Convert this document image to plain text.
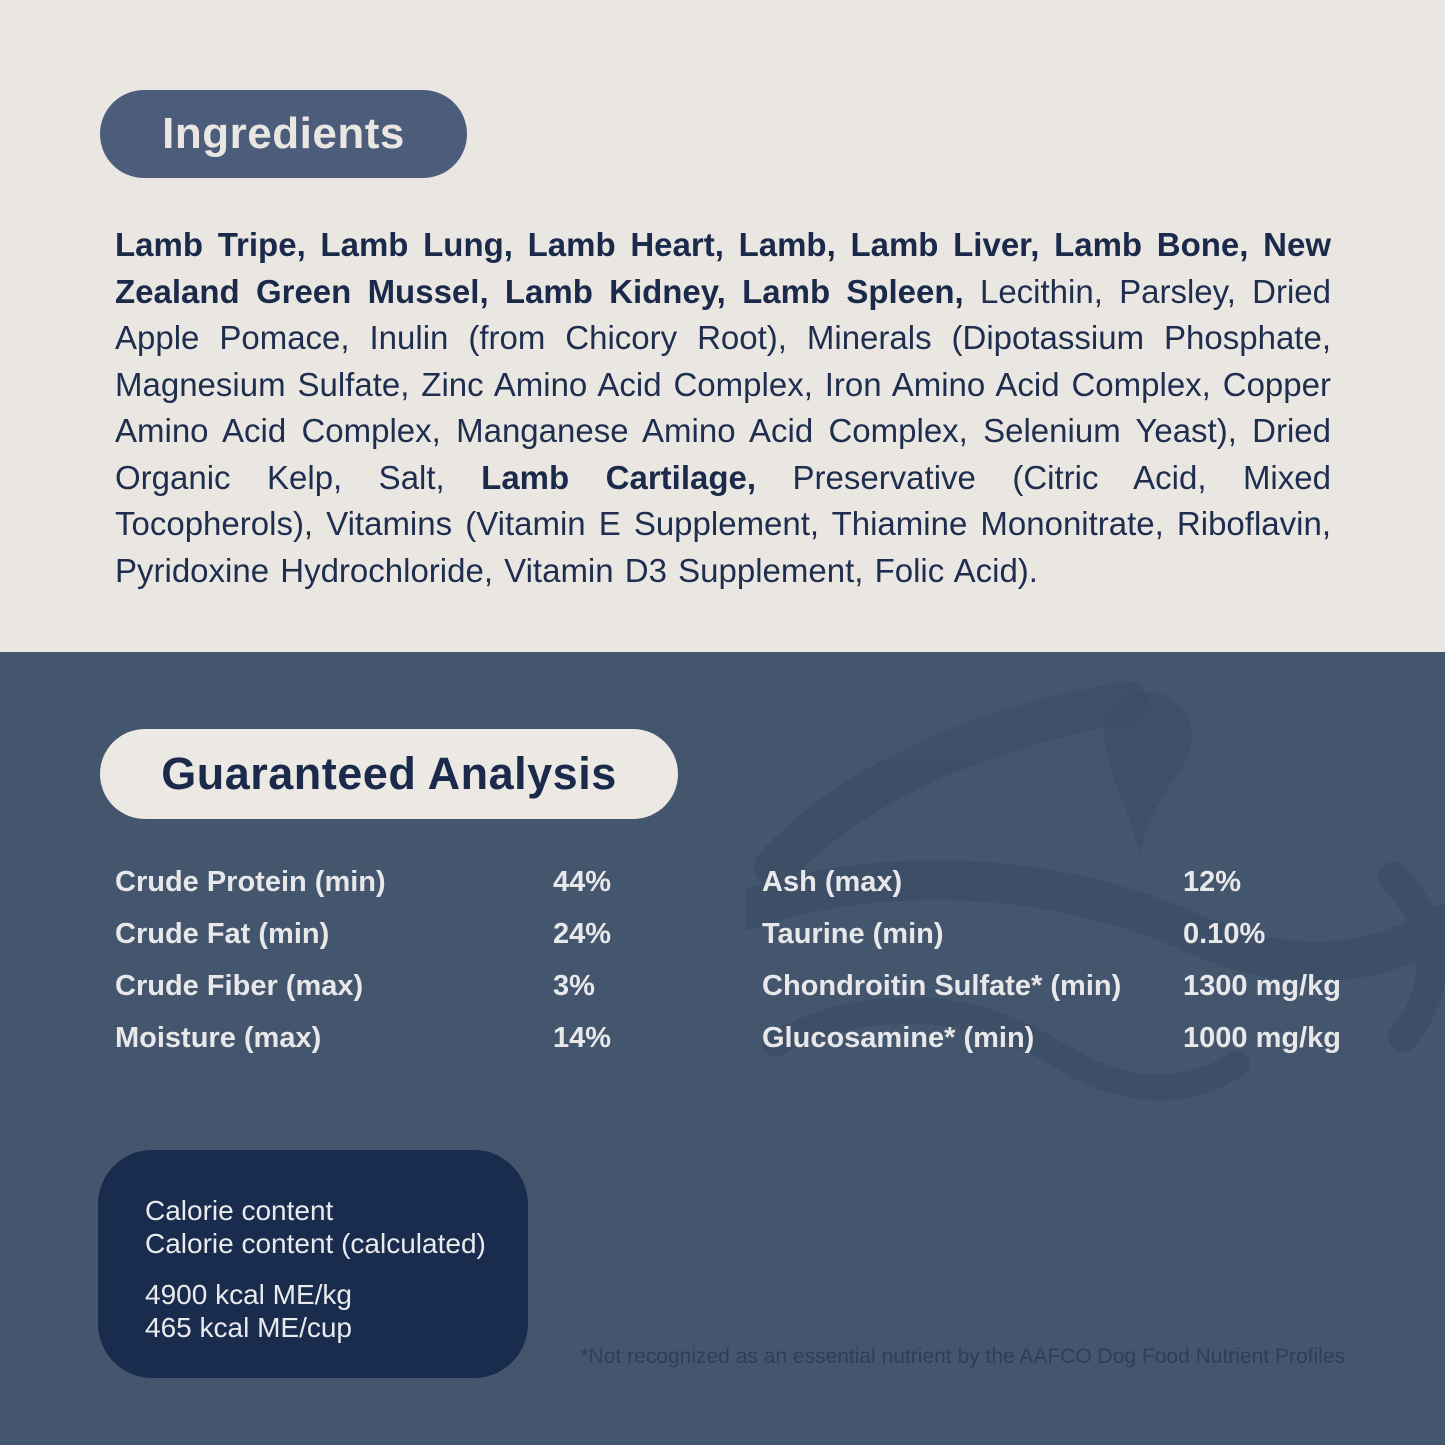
Ingredients

Lamb Tripe, Lamb Lung, Lamb Heart, Lamb, Lamb Liver, Lamb Bone, New Zealand Green Mussel, Lamb Kidney, Lamb Spleen, Lecithin, Parsley, Dried Apple Pomace, Inulin (from Chicory Root), Minerals (Dipotassium Phosphate, Magnesium Sulfate, Zinc Amino Acid Complex, Iron Amino Acid Complex, Copper Amino Acid Complex, Manganese Amino Acid Complex, Selenium Yeast), Dried Organic Kelp, Salt, Lamb Cartilage, Preservative (Citric Acid, Mixed Tocopherols), Vitamins (Vitamin E Supplement, Thiamine Mononitrate, Riboflavin, Pyridoxine Hydrochloride, Vitamin D3 Supplement, Folic Acid).

Guaranteed Analysis
Crude Protein (min)	44%
Crude Fat (min)	24%
Crude Fiber (max)	3%
Moisture (max)	14%
Ash (max)	12%
Taurine (min)	0.10%
Chondroitin Sulfate* (min) 1300 mg/kg
Glucosamine* (min)	1000 mg/kg

Calorie content

Calorie content (calculated)

4900 kcal ME/kg

465 kcal ME/cup

*Not recognized as an essential nutrient by the AAFCO Dog Food Nutrient Profiles
